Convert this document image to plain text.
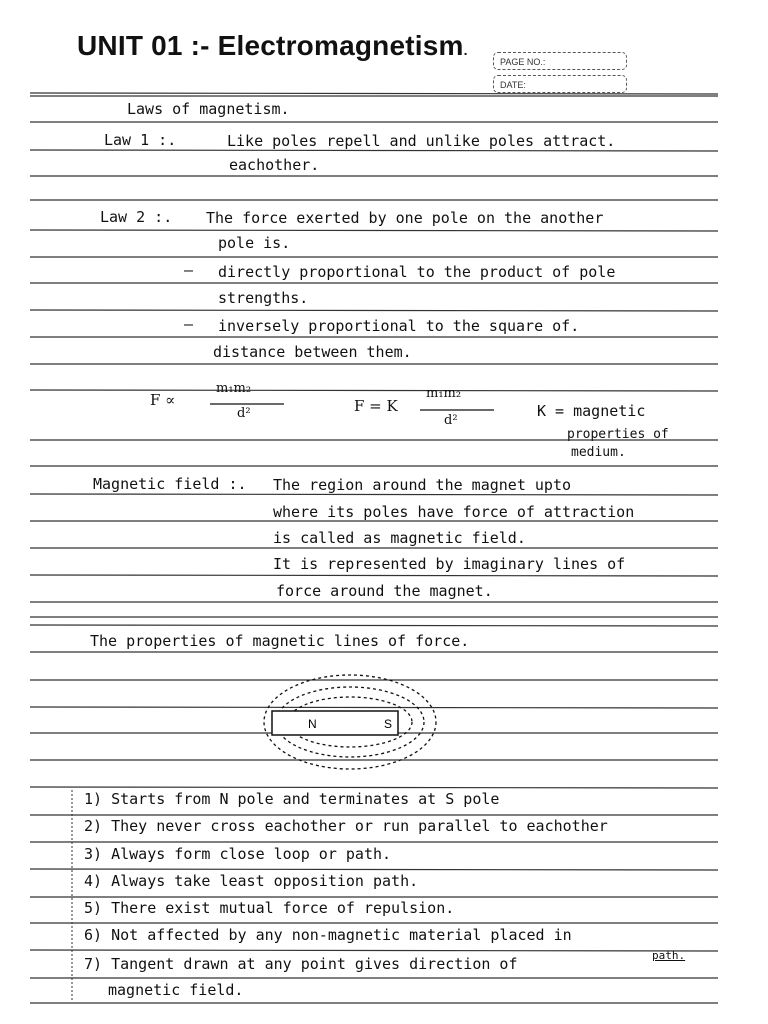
UNIT 01 :- Electromagnetism.
PAGE NO.:
DATE:
Laws of magnetism.
Law 1 :.	Like poles repell and unlike poles attract.
eachother.
Law 2 :. The force exerted by one pole on the another
pole is.
— directly proportional to the product of pole
strengths.
— inversely proportional to the square of.
distance between them.
F ∝
m₁m₂
d²	F = K
m₁m₂
d²
K = magnetic
properties of
medium.
Magnetic field :. The region around the magnet upto
where its poles have force of attraction
is called as magnetic field.
It is represented by imaginary lines of
force around the magnet.
The properties of magnetic lines of force.
N	S
1) Starts from N pole and terminates at S pole
2) They never cross eachother or run parallel to eachother
3) Always form close loop or path.
4) Always take least opposition path.
5) There exist mutual force of repulsion.
6) Not affected by any non-magnetic material placed in
path.
7) Tangent drawn at any point gives direction of
magnetic field.
